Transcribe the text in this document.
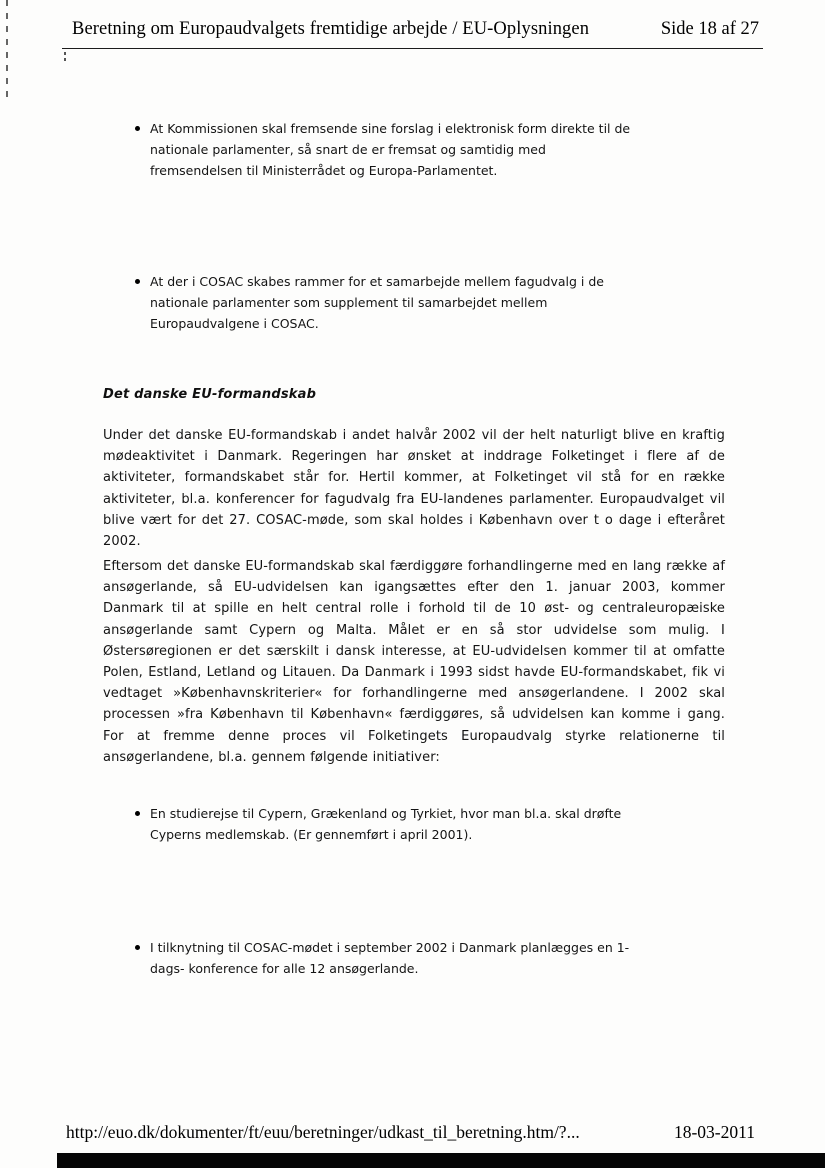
Beretning om Europaudvalgets fremtidige arbejde / EU-Oplysningen	Side 18 af 27
At Kommissionen skal fremsende sine forslag i elektronisk form direkte til de nationale parlamenter, så snart de er fremsat og samtidig med fremsendelsen til Ministerrådet og Europa-Parlamentet.
At der i COSAC skabes rammer for et samarbejde mellem fagudvalg i de nationale parlamenter som supplement til samarbejdet mellem Europaudvalgene i COSAC.
Det danske EU-formandskab

Under det danske EU-formandskab i andet halvår 2002 vil der helt naturligt blive en kraftig mødeaktivitet i Danmark. Regeringen har ønsket at inddrage Folketinget i flere af de aktiviteter, formandskabet står for. Hertil kommer, at Folketinget vil stå for en række aktiviteter, bl.a. konferencer for fagudvalg fra EU-landenes parlamenter. Europaudvalget vil blive vært for det 27. COSAC-møde, som skal holdes i København over t o dage i efteråret 2002.

Eftersom det danske EU-formandskab skal færdiggøre forhandlingerne med en lang række af ansøgerlande, så EU-udvidelsen kan igangsættes efter den 1. januar 2003, kommer Danmark til at spille en helt central rolle i forhold til de 10 øst- og centraleuropæiske ansøgerlande samt Cypern og Malta. Målet er en så stor udvidelse som mulig. I Østersøregionen er det særskilt i dansk interesse, at EU-udvidelsen kommer til at omfatte Polen, Estland, Letland og Litauen. Da Danmark i 1993 sidst havde EU-formandskabet, fik vi vedtaget »Københavnskriterier« for forhandlingerne med ansøgerlandene. I 2002 skal processen »fra København til København« færdiggøres, så udvidelsen kan komme i gang. For at fremme denne proces vil Folketingets Europaudvalg styrke relationerne til ansøgerlandene, bl.a. gennem følgende initiativer:

En studierejse til Cypern, Grækenland og Tyrkiet, hvor man bl.a. skal drøfte Cyperns medlemskab. (Er gennemført i april 2001).
I tilknytning til COSAC-mødet i september 2002 i Danmark planlægges en 1-dags- konference for alle 12 ansøgerlande.
http://euo.dk/dokumenter/ft/euu/beretninger/udkast_til_beretning.htm/?...	18-03-2011
